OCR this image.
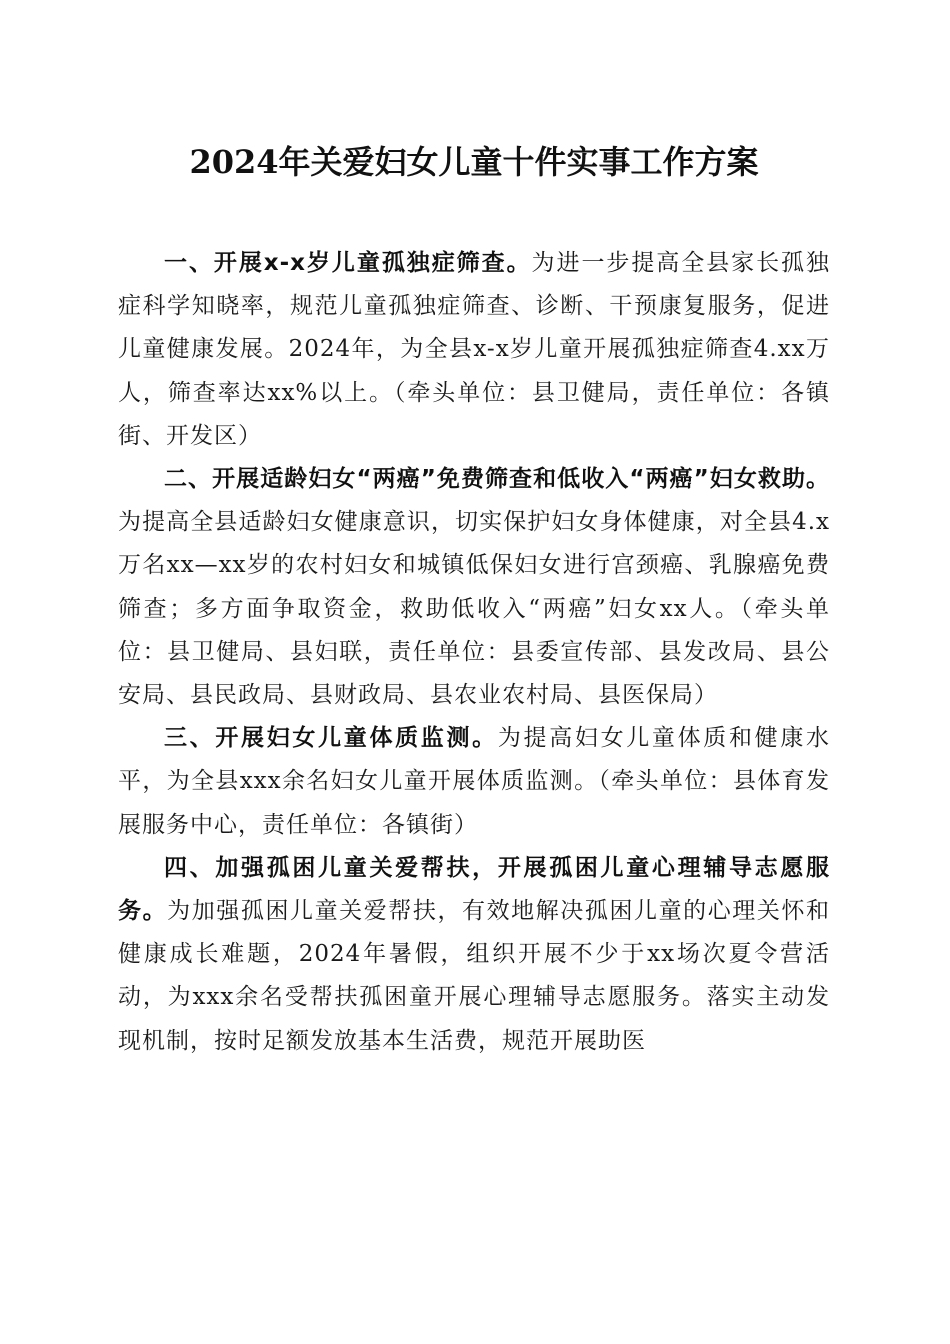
2024年关爱妇女儿童十件实事工作方案

一、开展x-x岁儿童孤独症筛查。为进一步提高全县家长孤独症科学知晓率，规范儿童孤独症筛查、诊断、干预康复服务，促进儿童健康发展。2024年，为全县x-x岁儿童开展孤独症筛查4.xx万人，筛查率达xx%以上。（牵头单位：县卫健局，责任单位：各镇街、开发区）

二、开展适龄妇女“两癌”免费筛查和低收入“两癌”妇女救助。为提高全县适龄妇女健康意识，切实保护妇女身体健康，对全县4.x万名xx—xx岁的农村妇女和城镇低保妇女进行宫颈癌、乳腺癌免费筛查；多方面争取资金，救助低收入“两癌”妇女xx人。（牵头单位：县卫健局、县妇联，责任单位：县委宣传部、县发改局、县公安局、县民政局、县财政局、县农业农村局、县医保局）

三、开展妇女儿童体质监测。为提高妇女儿童体质和健康水平，为全县xxx余名妇女儿童开展体质监测。（牵头单位：县体育发展服务中心，责任单位：各镇街）

四、加强孤困儿童关爱帮扶，开展孤困儿童心理辅导志愿服务。为加强孤困儿童关爱帮扶，有效地解决孤困儿童的心理关怀和健康成长难题，2024年暑假，组织开展不少于xx场次夏令营活动，为xxx余名受帮扶孤困童开展心理辅导志愿服务。落实主动发现机制，按时足额发放基本生活费，规范开展助医
